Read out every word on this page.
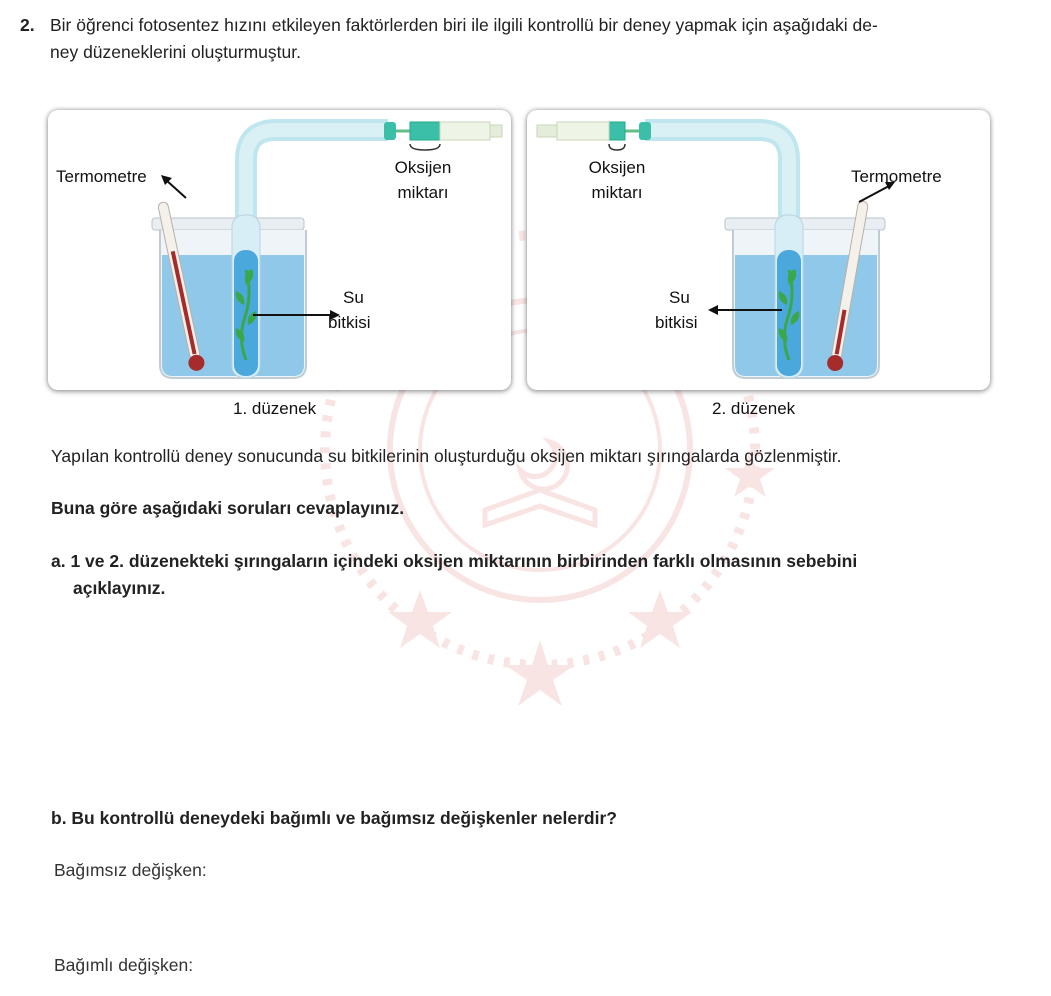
2. Bir öğrenci fotosentez hızını etkileyen faktörlerden biri ile ilgili kontrollü bir deney yapmak için aşağıdaki de-
ney düzeneklerini oluşturmuştur.
Termometre	Oksijen
miktarı
Su
bitkisi
1. düzenek
Termometre
Oksijen
miktarı
Su
bitkisi
2. düzenek
Yapılan kontrollü deney sonucunda su bitkilerinin oluşturduğu oksijen miktarı şırıngalarda gözlenmiştir.
Buna göre aşağıdaki soruları cevaplayınız.
a. 1 ve 2. düzenekteki şırıngaların içindeki oksijen miktarının birbirinden farklı olmasının sebebini
açıklayınız.
b. Bu kontrollü deneydeki bağımlı ve bağımsız değişkenler nelerdir?
Bağımsız değişken:
Bağımlı değişken:
